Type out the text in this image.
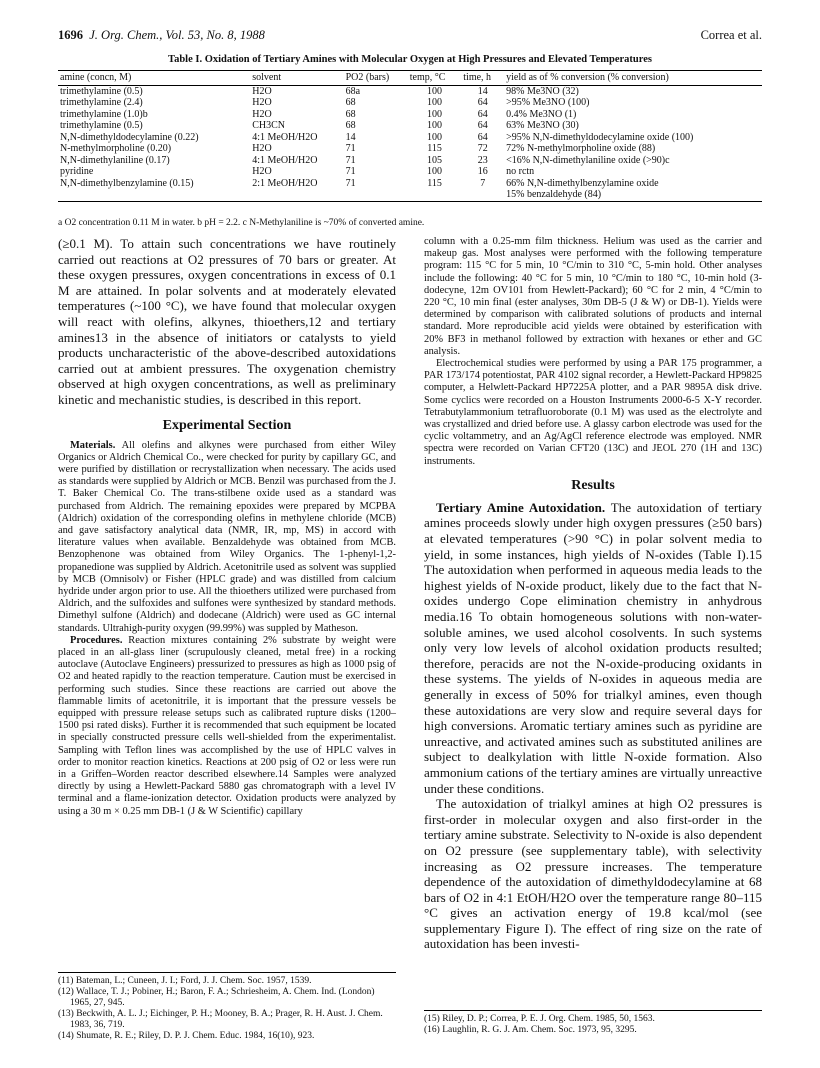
1696 J. Org. Chem., Vol. 53, No. 8, 1988	Correa et al.
Table I. Oxidation of Tertiary Amines with Molecular Oxygen at High Pressures and Elevated Temperatures
amine (concn, M)	solvent	PO2 (bars)	temp, °C	time, h	yield as of % conversion (% conversion)
trimethylamine (0.5)	H2O	68a	100	14	98% Me3NO (32)
trimethylamine (2.4)	H2O	68	100	64	>95% Me3NO (100)
trimethylamine (1.0)b	H2O	68	100	64	0.4% Me3NO (1)
trimethylamine (0.5)	CH3CN	68	100	64	63% Me3NO (30)
N,N-dimethyldodecylamine (0.22)	4:1 MeOH/H2O	14	100	64	>95% N,N-dimethyldodecylamine oxide (100)
N-methylmorpholine (0.20)	H2O	71	115	72	72% N-methylmorpholine oxide (88)
N,N-dimethylaniline (0.17)	4:1 MeOH/H2O	71	105	23	<16% N,N-dimethylaniline oxide (>90)c
pyridine	H2O	71	100	16	no rctn
N,N-dimethylbenzylamine (0.15)	2:1 MeOH/H2O	71	115	7	66% N,N-dimethylbenzylamine oxide
					15% benzaldehyde (84)
a O2 concentration 0.11 M in water. b pH = 2.2. c N-Methylaniline is ~70% of converted amine.

(≥0.1 M). To attain such concentrations we have routinely carried out reactions at O2 pressures of 70 bars or greater. At these oxygen pressures, oxygen concentrations in excess of 0.1 M are attained. In polar solvents and at moderately elevated temperatures (~100 °C), we have found that molecular oxygen will react with olefins, alkynes, thioethers,12 and tertiary amines13 in the absence of initiators or catalysts to yield products uncharacteristic of the above-described autoxidations carried out at ambient pressures. The oxygenation chemistry observed at high oxygen concentrations, as well as preliminary kinetic and mechanistic studies, is described in this report.

Experimental Section

Materials. All olefins and alkynes were purchased from either Wiley Organics or Aldrich Chemical Co., were checked for purity by capillary GC, and were purified by distillation or recrystallization when necessary. The acids used as standards were supplied by Aldrich or MCB. Benzil was purchased from the J. T. Baker Chemical Co. The trans-stilbene oxide used as a standard was purchased from Aldrich. The remaining epoxides were prepared by MCPBA (Aldrich) oxidation of the corresponding olefins in methylene chloride (MCB) and gave satisfactory analytical data (NMR, IR, mp, MS) in accord with literature values when available. Benzaldehyde was obtained from MCB. Benzophenone was obtained from Wiley Organics. The 1-phenyl-1,2-propanedione was supplied by Aldrich. Acetonitrile used as solvent was supplied by MCB (Omnisolv) or Fisher (HPLC grade) and was distilled from calcium hydride under argon prior to use. All the thioethers utilized were purchased from Aldrich, and the sulfoxides and sulfones were synthesized by standard methods. Dimethyl sulfone (Aldrich) and dodecane (Aldrich) were used as GC internal standards. Ultrahigh-purity oxygen (99.99%) was suppled by Matheson.

Procedures. Reaction mixtures containing 2% substrate by weight were placed in an all-glass liner (scrupulously cleaned, metal free) in a rocking autoclave (Autoclave Engineers) pressurized to pressures as high as 1000 psig of O2 and heated rapidly to the reaction temperature. Caution must be exercised in performing such studies. Since these reactions are carried out above the flammable limits of acetonitrile, it is important that the pressure vessels be equipped with pressure release setups such as calibrated rupture disks (1200–1500 psi rated disks). Further it is recommended that such equipment be located in specially constructed pressure cells well-shielded from the experimentalist. Sampling with Teflon lines was accomplished by the use of HPLC valves in order to monitor reaction kinetics. Reactions at 200 psig of O2 or less were run in a Griffen–Worden reactor described elsewhere.14 Samples were analyzed directly by using a Hewlett-Packard 5880 gas chromatograph with a level IV terminal and a flame-ionization detector. Oxidation products were analyzed by using a 30 m × 0.25 mm DB-1 (J & W Scientific) capillary

column with a 0.25-mm film thickness. Helium was used as the carrier and makeup gas. Most analyses were performed with the following temperature program: 115 °C for 5 min, 10 °C/min to 310 °C, 5-min hold. Other analyses include the following: 40 °C for 5 min, 10 °C/min to 180 °C, 10-min hold (3-dodecyne, 12m OV101 from Hewlett-Packard); 60 °C for 2 min, 4 °C/min to 220 °C, 10 min final (ester analyses, 30m DB-5 (J & W) or DB-1). Yields were determined by comparison with calibrated solutions of products and internal standard. More reproducible acid yields were obtained by esterification with 20% BF3 in methanol followed by extraction with hexanes or ether and GC analysis.

Electrochemical studies were performed by using a PAR 175 programmer, a PAR 173/174 potentiostat, PAR 4102 signal recorder, a Hewlett-Packard HP9825 computer, a Helwlett-Packard HP7225A plotter, and a PAR 9895A disk drive. Some cyclics were recorded on a Houston Instruments 2000-6-5 X-Y recorder. Tetrabutylammonium tetrafluoroborate (0.1 M) was used as the electrolyte and was crystallized and dried before use. A glassy carbon electrode was used for the cyclic voltammetry, and an Ag/AgCl reference electrode was employed. NMR spectra were recorded on Varian CFT20 (13C) and JEOL 270 (1H and 13C) instruments.

Results

Tertiary Amine Autoxidation. The autoxidation of tertiary amines proceeds slowly under high oxygen pressures (≥50 bars) at elevated temperatures (>90 °C) in polar solvent media to yield, in some instances, high yields of N-oxides (Table I).15 The autoxidation when performed in aqueous media leads to the highest yields of N-oxide product, likely due to the fact that N-oxides undergo Cope elimination chemistry in anhydrous media.16 To obtain homogeneous solutions with non-water-soluble amines, we used alcohol cosolvents. In such systems only very low levels of alcohol oxidation products resulted; therefore, peracids are not the N-oxide-producing oxidants in these systems. The yields of N-oxides in aqueous media are generally in excess of 50% for trialkyl amines, even though these autoxidations are very slow and require several days for high conversions. Aromatic tertiary amines such as pyridine are unreactive, and activated amines such as substituted anilines are subject to dealkylation with little N-oxide formation. Also ammonium cations of the tertiary amines are virtually unreactive under these conditions.

The autoxidation of trialkyl amines at high O2 pressures is first-order in molecular oxygen and also first-order in the tertiary amine substrate. Selectivity to N-oxide is also dependent on O2 pressure (see supplementary table), with selectivity increasing as O2 pressure increases. The temperature dependence of the autoxidation of dimethyldodecylamine at 68 bars of O2 in 4:1 EtOH/H2O over the temperature range 80–115 °C gives an activation energy of 19.8 kcal/mol (see supplementary Figure I). The effect of ring size on the rate of autoxidation has been investi-

(11) Bateman, L.; Cuneen, J. I.; Ford, J. J. Chem. Soc. 1957, 1539.
(12) Wallace, T. J.; Pobiner, H.; Baron, F. A.; Schriesheim, A. Chem. Ind. (London) 1965, 27, 945.
(13) Beckwith, A. L. J.; Eichinger, P. H.; Mooney, B. A.; Prager, R. H. Aust. J. Chem. 1983, 36, 719.
(14) Shumate, R. E.; Riley, D. P. J. Chem. Educ. 1984, 16(10), 923.
(15) Riley, D. P.; Correa, P. E. J. Org. Chem. 1985, 50, 1563.
(16) Laughlin, R. G. J. Am. Chem. Soc. 1973, 95, 3295.
